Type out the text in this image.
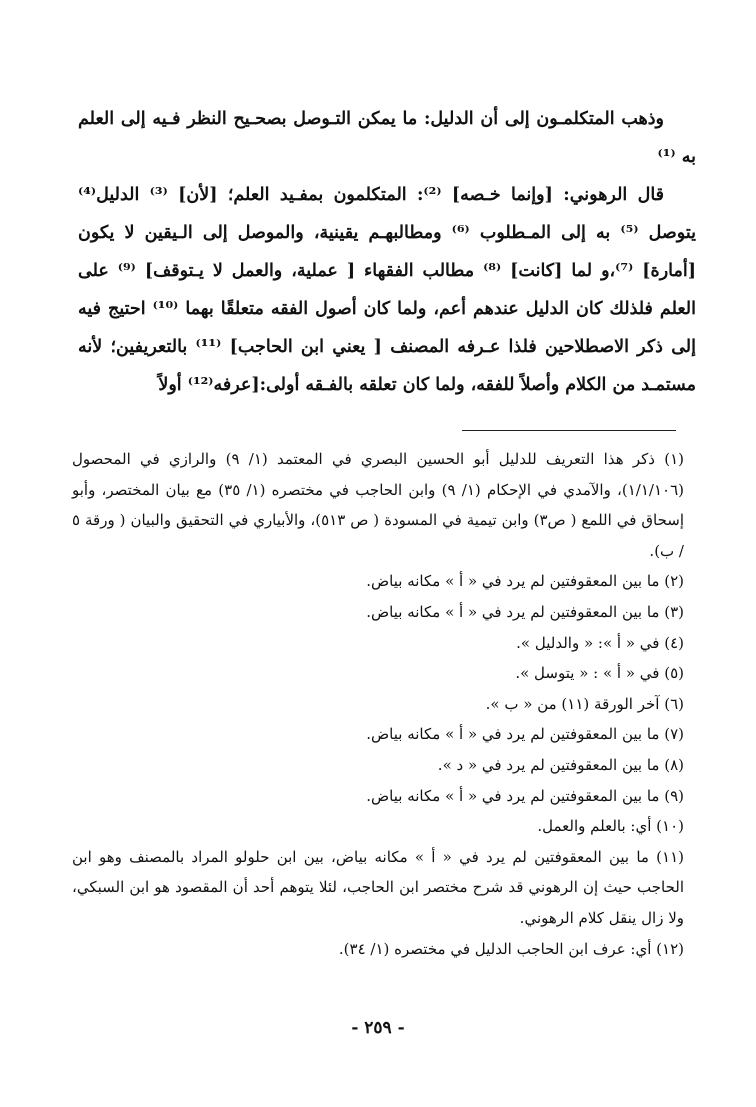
وذهب المتكلمـون إلى أن الدليل: ما يمكن التـوصل بصحـيح النظر فـيه إلى العلم به ⁽¹⁾

قال الرهوني: [وإنما خـصه] ⁽²⁾: المتكلمون بمفـيد العلم؛ [لأن] ⁽³⁾ الدليل⁽⁴⁾ يتوصل ⁽⁵⁾ به إلى المـطلوب ⁽⁶⁾ ومطالبهـم يقينية، والموصل إلى الـيقين لا يكون [أمارة] ⁽⁷⁾،و لما [كانت] ⁽⁸⁾ مطالب الفقهاء [ عملية، والعمل لا يـتوقف] ⁽⁹⁾ على العلم فلذلك كان الدليل عندهم أعم، ولما كان أصول الفقه متعلقًا بهما ⁽¹⁰⁾ احتيج فيه إلى ذكر الاصطلاحين فلذا عـرفه المصنف [ يعني ابن الحاجب] ⁽¹¹⁾ بالتعريفين؛ لأنه مستمـد من الكلام وأصلاً للفقه، ولما كان تعلقه بالفـقه أولى:[عرفه⁽¹²⁾ أولاً

(١) ذكر هذا التعريف للدليل أبو الحسين البصري في المعتمد (١/ ٩) والرازي في المحصول (١/١/١٠٦)، والآمدي في الإحكام (١/ ٩) وابن الحاجب في مختصره (١/ ٣٥) مع بيان المختصر، وأبو إسحاق في اللمع ( ص٣) وابن تيمية في المسودة ( ص ٥١٣)، والأبياري في التحقيق والبيان ( ورقة ٥ / ب).

(٢) ما بين المعقوفتين لم يرد في « أ » مكانه بياض.

(٣) ما بين المعقوفتين لم يرد في « أ » مكانه بياض.

(٤) في « أ »: « والدليل ».

(٥) في « أ » : « يتوسل ».

(٦) آخر الورقة (١١) من « ب ».

(٧) ما بين المعقوفتين لم يرد في « أ » مكانه بياض.

(٨) ما بين المعقوفتين لم يرد في « د ».

(٩) ما بين المعقوفتين لم يرد في « أ » مكانه بياض.

(١٠) أي: بالعلم والعمل.

(١١) ما بين المعقوفتين لم يرد في « أ » مكانه بياض، بين ابن حلولو المراد بالمصنف وهو ابن الحاجب حيث إن الرهوني قد شرح مختصر ابن الحاجب، لئلا يتوهم أحد أن المقصود هو ابن السبكي، ولا زال ينقل كلام الرهوني.

(١٢) أي: عرف ابن الحاجب الدليل في مختصره (١/ ٣٤).

- ٢٥٩ -
